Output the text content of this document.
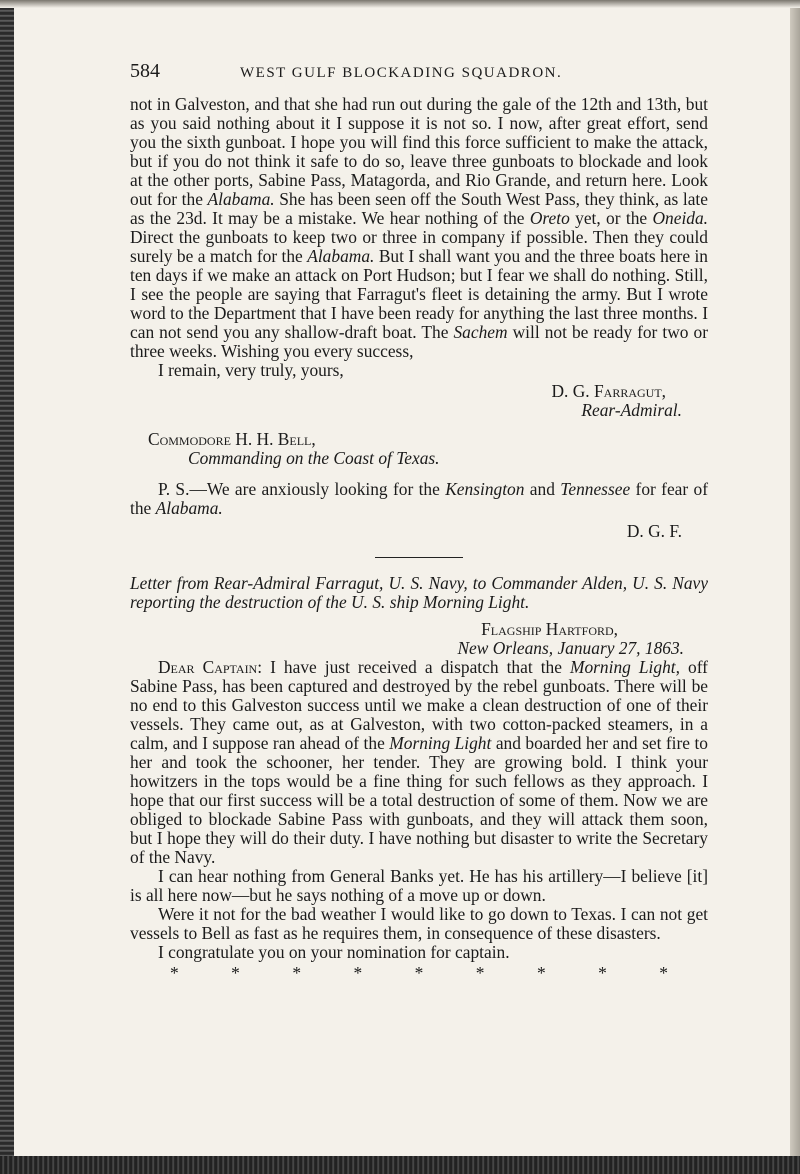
584	WEST GULF BLOCKADING SQUADRON.

not in Galveston, and that she had run out during the gale of the 12th and 13th, but as you said nothing about it I suppose it is not so. I now, after great effort, send you the sixth gunboat. I hope you will find this force sufficient to make the attack, but if you do not think it safe to do so, leave three gunboats to blockade and look at the other ports, Sabine Pass, Matagorda, and Rio Grande, and return here. Look out for the Alabama. She has been seen off the South West Pass, they think, as late as the 23d. It may be a mistake. We hear nothing of the Oreto yet, or the Oneida. Direct the gunboats to keep two or three in company if possible. Then they could surely be a match for the Alabama. But I shall want you and the three boats here in ten days if we make an attack on Port Hudson; but I fear we shall do nothing. Still, I see the people are saying that Farragut's fleet is detaining the army. But I wrote word to the Department that I have been ready for anything the last three months. I can not send you any shallow-draft boat. The Sachem will not be ready for two or three weeks. Wishing you every success,

I remain, very truly, yours,

D. G. Farragut,
Rear-Admiral.
Commodore H. H. Bell,
Commanding on the Coast of Texas.

P. S.—We are anxiously looking for the Kensington and Tennessee for fear of the Alabama.

D. G. F.

Letter from Rear-Admiral Farragut, U. S. Navy, to Commander Alden, U. S. Navy reporting the destruction of the U. S. ship Morning Light.

Flagship Hartford,
New Orleans, January 27, 1863.

Dear Captain: I have just received a dispatch that the Morning Light, off Sabine Pass, has been captured and destroyed by the rebel gunboats. There will be no end to this Galveston success until we make a clean destruction of one of their vessels. They came out, as at Galveston, with two cotton-packed steamers, in a calm, and I suppose ran ahead of the Morning Light and boarded her and set fire to her and took the schooner, her tender. They are growing bold. I think your howitzers in the tops would be a fine thing for such fellows as they approach. I hope that our first success will be a total destruction of some of them. Now we are obliged to blockade Sabine Pass with gunboats, and they will attack them soon, but I hope they will do their duty. I have nothing but disaster to write the Secretary of the Navy.

I can hear nothing from General Banks yet. He has his artillery—I believe [it] is all here now—but he says nothing of a move up or down.

Were it not for the bad weather I would like to go down to Texas. I can not get vessels to Bell as fast as he requires them, in consequence of these disasters.

I congratulate you on your nomination for captain.

*	*	*	*	*	*	*	*	*
